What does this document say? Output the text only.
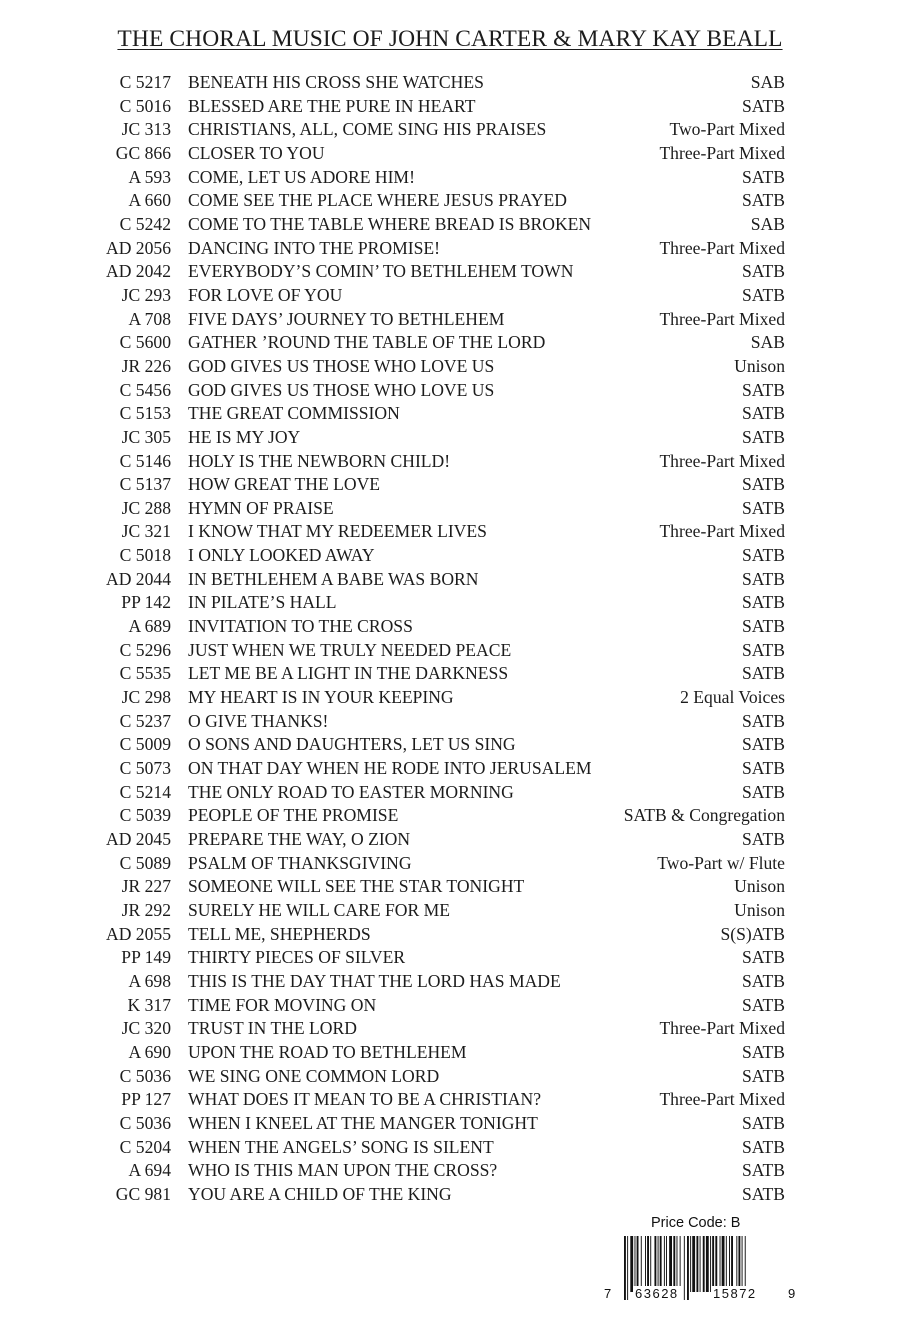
THE CHORAL MUSIC OF JOHN CARTER & MARY KAY BEALL
C 5217 BENEATH HIS CROSS SHE WATCHES	SAB
C 5016 BLESSED ARE THE PURE IN HEART	SATB
JC 313 CHRISTIANS, ALL, COME SING HIS PRAISES	Two-Part Mixed
GC 866 CLOSER TO YOU	Three-Part Mixed
A 593 COME, LET US ADORE HIM!	SATB
A 660 COME SEE THE PLACE WHERE JESUS PRAYED	SATB
C 5242 COME TO THE TABLE WHERE BREAD IS BROKEN	SAB
AD 2056 DANCING INTO THE PROMISE!	Three-Part Mixed
AD 2042 EVERYBODY’S COMIN’ TO BETHLEHEM TOWN	SATB
JC 293 FOR LOVE OF YOU	SATB
A 708 FIVE DAYS’ JOURNEY TO BETHLEHEM	Three-Part Mixed
C 5600 GATHER ’ROUND THE TABLE OF THE LORD	SAB
JR 226 GOD GIVES US THOSE WHO LOVE US	Unison
C 5456 GOD GIVES US THOSE WHO LOVE US	SATB
C 5153 THE GREAT COMMISSION	SATB
JC 305 HE IS MY JOY	SATB
C 5146 HOLY IS THE NEWBORN CHILD!	Three-Part Mixed
C 5137 HOW GREAT THE LOVE	SATB
JC 288 HYMN OF PRAISE	SATB
JC 321 I KNOW THAT MY REDEEMER LIVES	Three-Part Mixed
C 5018 I ONLY LOOKED AWAY	SATB
AD 2044 IN BETHLEHEM A BABE WAS BORN	SATB
PP 142 IN PILATE’S HALL	SATB
A 689 INVITATION TO THE CROSS	SATB
C 5296 JUST WHEN WE TRULY NEEDED PEACE	SATB
C 5535 LET ME BE A LIGHT IN THE DARKNESS	SATB
JC 298 MY HEART IS IN YOUR KEEPING	2 Equal Voices
C 5237 O GIVE THANKS!	SATB
C 5009 O SONS AND DAUGHTERS, LET US SING	SATB
C 5073 ON THAT DAY WHEN HE RODE INTO JERUSALEM	SATB
C 5214 THE ONLY ROAD TO EASTER MORNING	SATB
C 5039 PEOPLE OF THE PROMISE	SATB & Congregation
AD 2045 PREPARE THE WAY, O ZION	SATB
C 5089 PSALM OF THANKSGIVING	Two-Part w/ Flute
JR 227 SOMEONE WILL SEE THE STAR TONIGHT	Unison
JR 292 SURELY HE WILL CARE FOR ME	Unison
AD 2055 TELL ME, SHEPHERDS	S(S)ATB
PP 149 THIRTY PIECES OF SILVER	SATB
A 698 THIS IS THE DAY THAT THE LORD HAS MADE	SATB
K 317 TIME FOR MOVING ON	SATB
JC 320 TRUST IN THE LORD	Three-Part Mixed
A 690 UPON THE ROAD TO BETHLEHEM	SATB
C 5036 WE SING ONE COMMON LORD	SATB
PP 127 WHAT DOES IT MEAN TO BE A CHRISTIAN?	Three-Part Mixed
C 5036 WHEN I KNEEL AT THE MANGER TONIGHT	SATB
C 5204 WHEN THE ANGELS’ SONG IS SILENT	SATB
A 694 WHO IS THIS MAN UPON THE CROSS?	SATB
GC 981 YOU ARE A CHILD OF THE KING	SATB
Price Code: B
7 63628	15872 9
